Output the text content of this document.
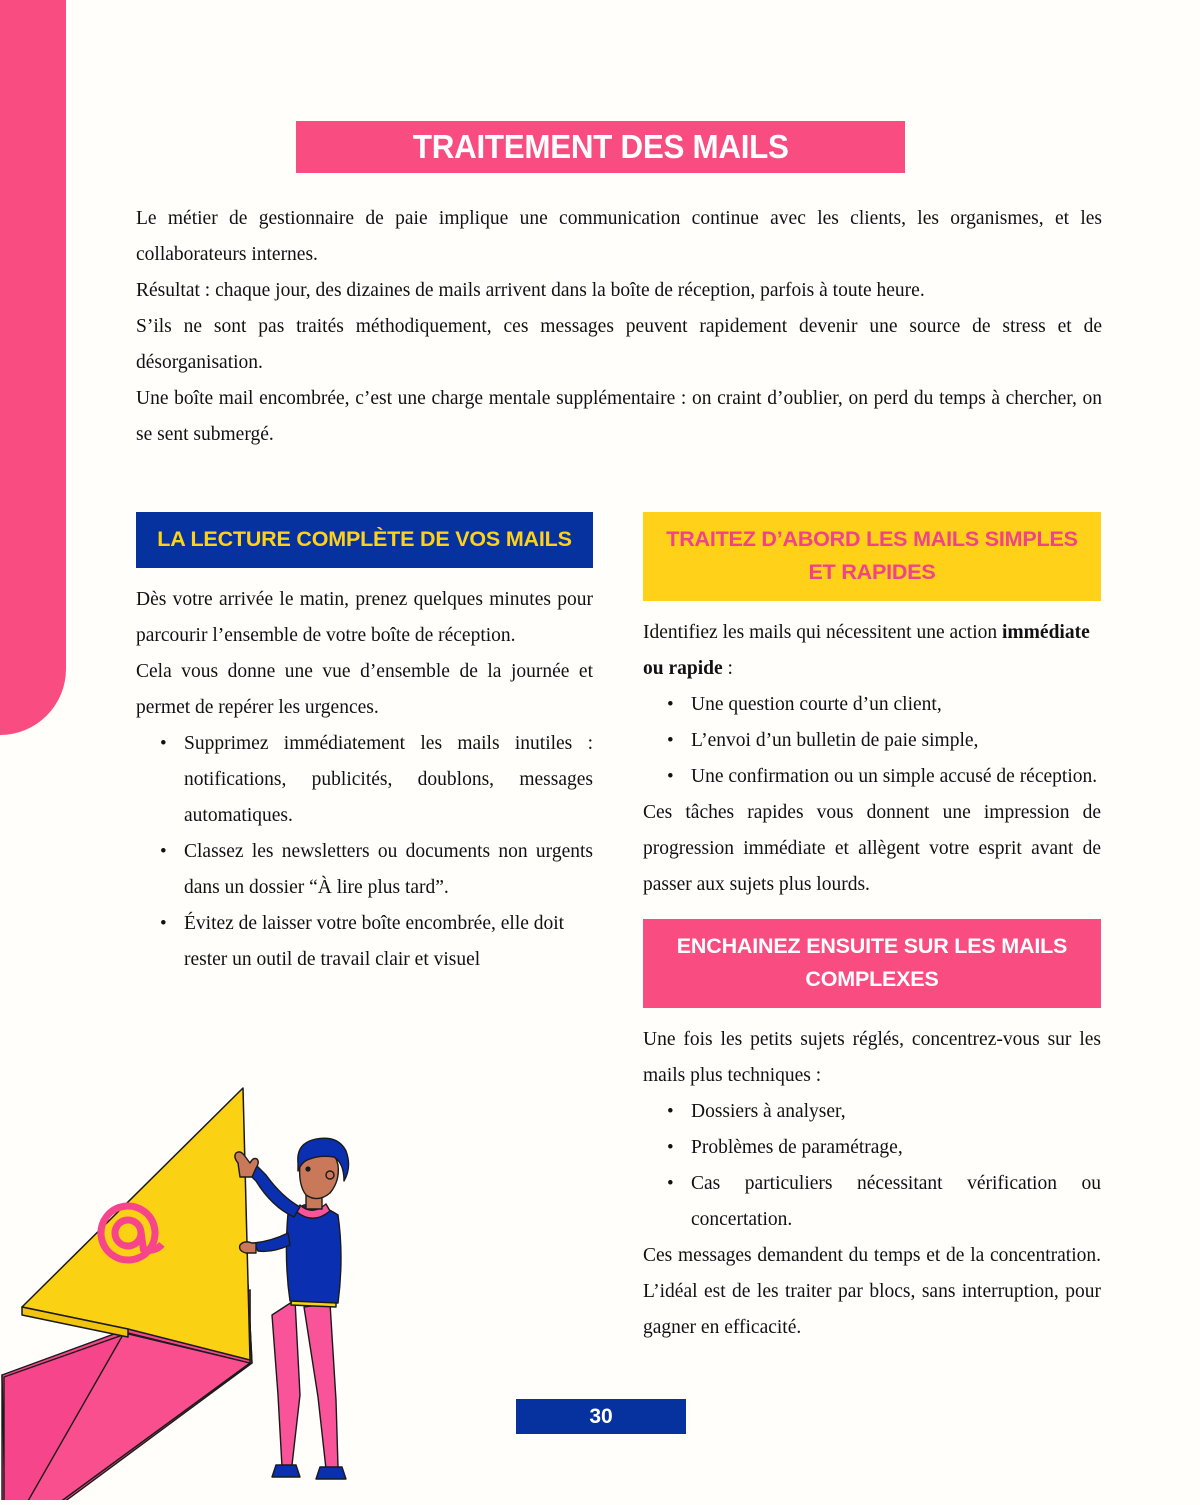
TRAITEMENT DES MAILS

Le métier de gestionnaire de paie implique une communication continue avec les clients, les organismes, et les collaborateurs internes.

Résultat : chaque jour, des dizaines de mails arrivent dans la boîte de réception, parfois à toute heure.

S’ils ne sont pas traités méthodiquement, ces messages peuvent rapidement devenir une source de stress et de désorganisation.

Une boîte mail encombrée, c’est une charge mentale supplémentaire : on craint d’oublier, on perd du temps à chercher, on se sent submergé.

LA LECTURE COMPLÈTE DE VOS MAILS

Dès votre arrivée le matin, prenez quelques minutes pour parcourir l’ensemble de votre boîte de réception.

Cela vous donne une vue d’ensemble de la journée et permet de repérer les urgences.

• Supprimez immédiatement les mails inutiles : notifications, publicités, doublons, messages automatiques.
• Classez les newsletters ou documents non urgents dans un dossier “À lire plus tard”.
• Évitez de laisser votre boîte encombrée, elle doit rester un outil de travail clair et visuel
TRAITEZ D’ABORD LES MAILS SIMPLES ET RAPIDES

Identifiez les mails qui nécessitent une action immédiate ou rapide :

• Une question courte d’un client,
• L’envoi d’un bulletin de paie simple,
• Une confirmation ou un simple accusé de réception.

Ces tâches rapides vous donnent une impression de progression immédiate et allègent votre esprit avant de passer aux sujets plus lourds.

ENCHAINEZ ENSUITE SUR LES MAILS COMPLEXES

Une fois les petits sujets réglés, concentrez-vous sur les mails plus techniques :

• Dossiers à analyser,
• Problèmes de paramétrage,
• Cas particuliers nécessitant vérification ou concertation.

Ces messages demandent du temps et de la concentration. L’idéal est de les traiter par blocs, sans interruption, pour gagner en efficacité.

30
